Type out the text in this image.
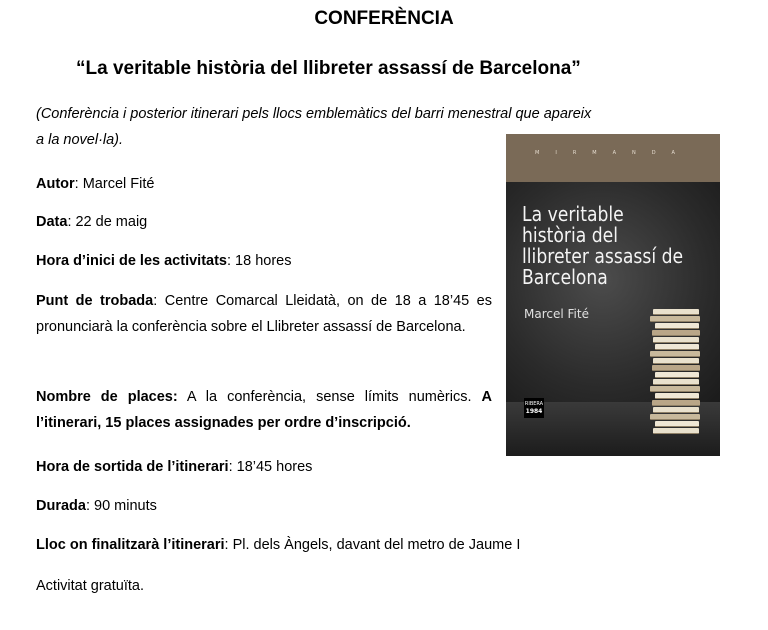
CONFERÈNCIA
“La veritable història del llibreter assassí de Barcelona”

(Conferència i posterior itinerari pels llocs emblemàtics del barri menestral que apareix
a la novel·la).

Autor: Marcel Fité

Data: 22 de maig

Hora d’inici de les activitats: 18 hores

Punt de trobada: Centre Comarcal Lleidatà, on de 18 a 18’45 es pronunciarà la conferència sobre el Llibreter assassí de Barcelona.

Nombre de places: A la conferència, sense límits numèrics. A l’itinerari, 15 places assignades per ordre d’inscripció.

Hora de sortida de l’itinerari: 18’45 hores

Durada: 90 minuts

Lloc on finalitzarà l’itinerari: Pl. dels Àngels, davant del metro de Jaume I

Activitat gratuïta.

MIRMANDA

La veritable història del llibreter assassí de Barcelona

Marcel Fité
RIBERA
1984
